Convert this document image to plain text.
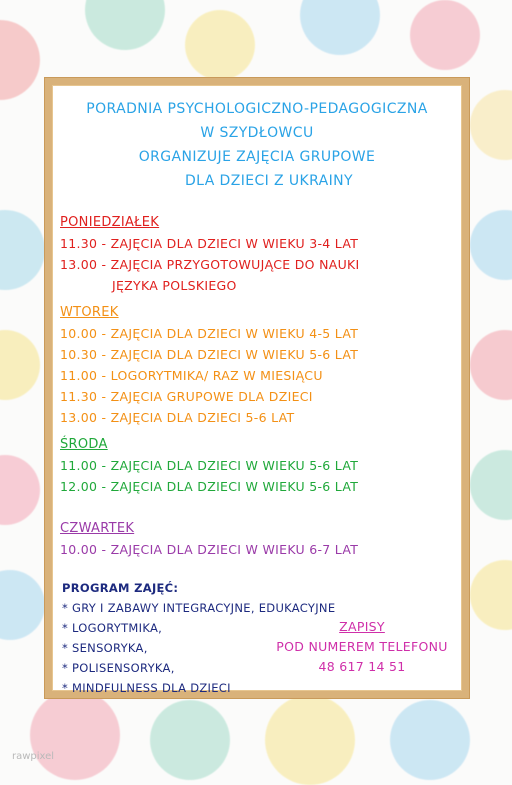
PORADNIA PSYCHOLOGICZNO-PEDAGOGICZNA
W SZYDŁOWCU
ORGANIZUJE ZAJĘCIA GRUPOWE
DLA DZIECI Z UKRAINY
PONIEDZIAŁEK
11.30 - ZAJĘCIA DLA DZIECI W WIEKU 3-4 LAT
13.00 - ZAJĘCIA PRZYGOTOWUJĄCE DO NAUKI
JĘZYKA POLSKIEGO
WTOREK
10.00 - ZAJĘCIA DLA DZIECI W WIEKU 4-5 LAT
10.30 - ZAJĘCIA DLA DZIECI W WIEKU 5-6 LAT
11.00 - LOGORYTMIKA/ RAZ W MIESIĄCU
11.30 - ZAJĘCIA GRUPOWE DLA DZIECI
13.00 - ZAJĘCIA DLA DZIECI 5-6 LAT
ŚRODA
11.00 - ZAJĘCIA DLA DZIECI W WIEKU 5-6 LAT
12.00 - ZAJĘCIA DLA DZIECI W WIEKU 5-6 LAT
CZWARTEK
10.00 - ZAJĘCIA DLA DZIECI W WIEKU 6-7 LAT
PROGRAM ZAJĘĆ:
* GRY I ZABAWY INTEGRACYJNE, EDUKACYJNE
* LOGORYTMIKA,
* SENSORYKA,
* POLISENSORYKA,
* MINDFULNESS DLA DZIECI
ZAPISY
POD NUMEREM TELEFONU
48 617 14 51
rawpixel
